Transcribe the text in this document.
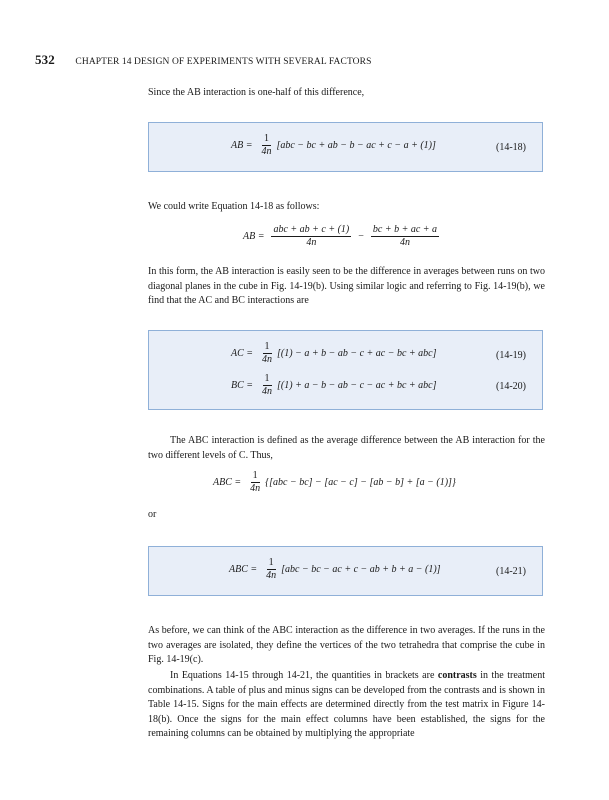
532 CHAPTER 14 DESIGN OF EXPERIMENTS WITH SEVERAL FACTORS

Since the AB interaction is one-half of this difference,

AB = $\frac{1}{4n} [abc$ − bc + ab − b − ac + c − a + (1)]	(14-18)

We could write Equation 14-18 as follows:

AB = $\frac{\text{abc + ab + c + (1)}}{4n} - \frac{bc + b + ac + a}{4n}$

In this form, the AB interaction is easily seen to be the difference in averages between runs on two diagonal planes in the cube in Fig. 14-19(b). Using similar logic and referring to Fig. 14-19(b), we find that the AC and BC interactions are

AC = $\frac{1}{4n} [(1) - a + b$ − ab − c + ac − bc + abc]	(14-19)
BC = $\frac{1}{4n} [(1) + a - b$ − ab − c − ac + bc + abc]	(14-20)

The ABC interaction is defined as the average difference between the AB interaction for the two different levels of C. Thus,

ABC = $\frac{1}{4n} \{[abc - bc] - [ac - c] - [ab - b] + [a - (1)]\}$

or

ABC = $\frac{1}{4n} [abc$ − bc − ac + c − ab + b + a − (1)]	(14-21)

As before, we can think of the ABC interaction as the difference in two averages. If the runs in the two averages are isolated, they define the vertices of the two tetrahedra that comprise the cube in Fig. 14-19(c).

In Equations 14-15 through 14-21, the quantities in brackets are contrasts in the treatment combinations. A table of plus and minus signs can be developed from the contrasts and is shown in Table 14-15. Signs for the main effects are determined directly from the test matrix in Figure 14-18(b). Once the signs for the main effect columns have been established, the signs for the remaining columns can be obtained by multiplying the appropriate
